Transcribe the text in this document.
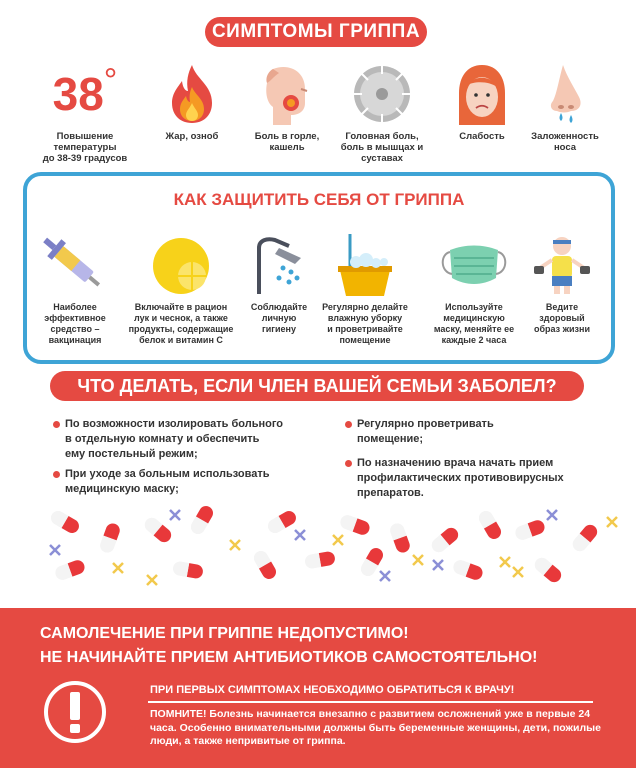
СИМПТОМЫ ГРИППА
38 °
Повышение температуры
до 38-39 градусов
Жар, озноб	Боль в горле,
кашель
Головная боль,
боль в мышцах и суставах
Слабость	Заложенность
носа
КАК ЗАЩИТИТЬ СЕБЯ ОТ ГРИППА
Наиболее
эффективное
средство –
вакцинация
Включайте в рацион
лук и чеснок, а также
продукты, содержащие
белок и витамин С
Соблюдайте
личную
гигиену
Регулярно делайте
влажную уборку
и проветривайте
помещение
Используйте медицинскую
маску, меняйте ее
каждые 2 часа
Ведите
здоровый
образ жизни
ЧТО ДЕЛАТЬ, ЕСЛИ ЧЛЕН ВАШЕЙ СЕМЬИ ЗАБОЛЕЛ?
По возможности изолировать больного
в отдельную комнату и обеспечить
ему постельный режим;
При уходе за больным использовать
медицинскую маску;
Регулярно проветривать
помещение;
По назначению врача начать прием
профилактических противовирусных
препаратов.
САМОЛЕЧЕНИЕ ПРИ ГРИППЕ НЕДОПУСТИМО!
НЕ НАЧИНАЙТЕ ПРИЕМ АНТИБИОТИКОВ САМОСТОЯТЕЛЬНО!
ПРИ ПЕРВЫХ СИМПТОМАХ НЕОБХОДИМО ОБРАТИТЬСЯ К ВРАЧУ!
ПОМНИТЕ! Болезнь начинается внезапно с развитием осложнений уже в первые 24 часа. Особенно внимательными должны быть беременные женщины, дети, пожилые люди, а также непривитые от гриппа.
